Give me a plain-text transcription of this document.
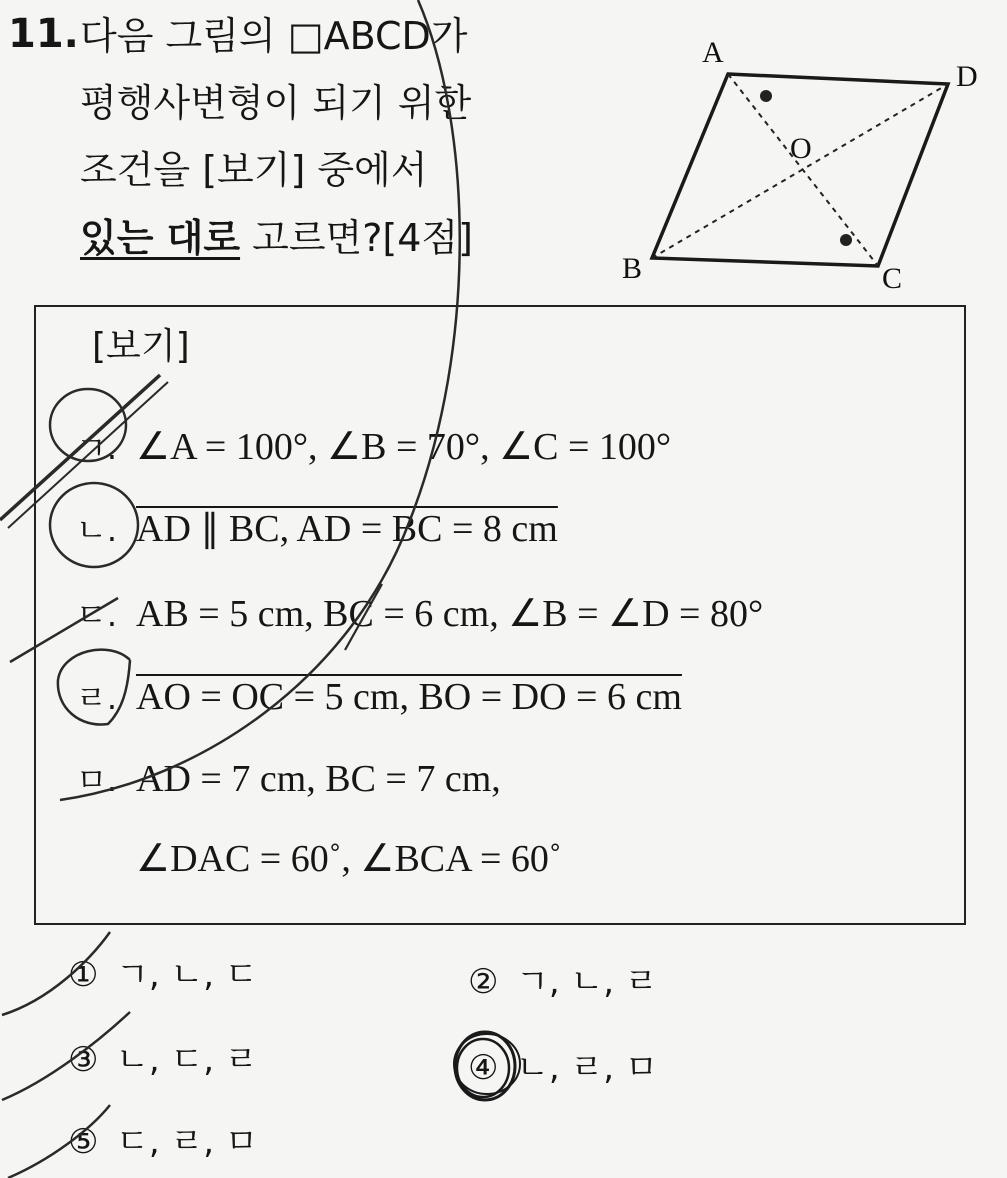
11. 다음 그림의 □ABCD가
평행사변형이 되기 위한
조건을 [보기] 중에서
있는 대로 고르면?[4점]
A
D
O
B	C
[보기]
ㄱ. ∠A = 100°, ∠B = 70°, ∠C = 100°
ㄴ. AD ∥ BC, AD = BC = 8 cm
ㄷ. AB = 5 cm, BC = 6 cm, ∠B = ∠D = 80°
ㄹ. AO = OC = 5 cm, BO = DO = 6 cm
ㅁ. AD = 7 cm, BC = 7 cm,
∠DAC = 60˚, ∠BCA = 60˚
① ㄱ, ㄴ, ㄷ	② ㄱ, ㄴ, ㄹ
③ ㄴ, ㄷ, ㄹ	④ ㄴ, ㄹ, ㅁ
⑤ ㄷ, ㄹ, ㅁ
